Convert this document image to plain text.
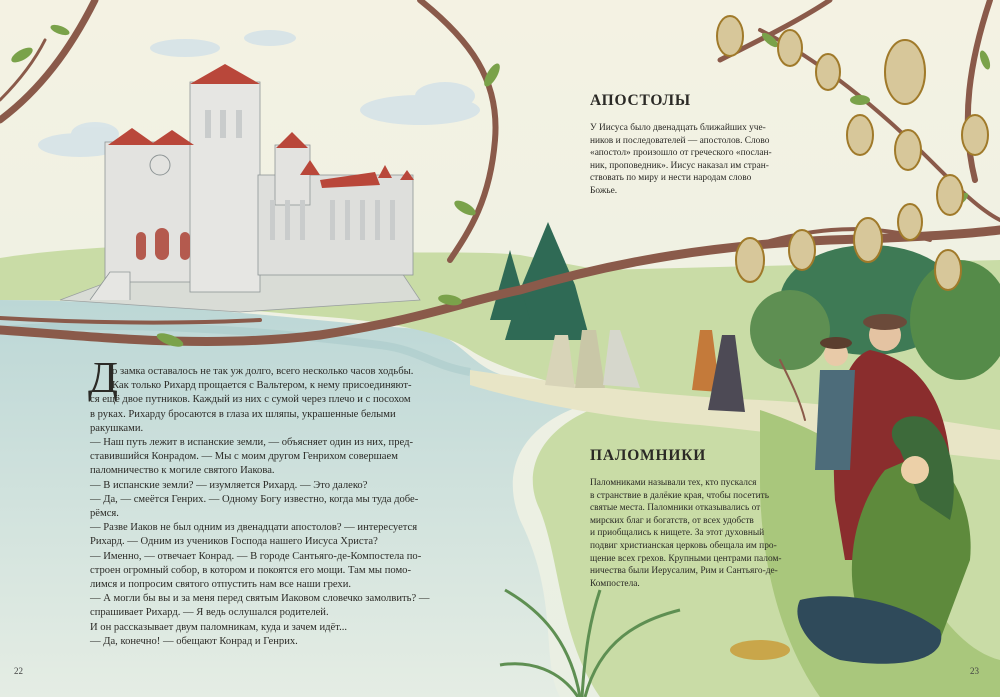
Д

о замка оставалось не так уж долго, всего несколько часов ходьбы.
Как только Рихард прощается с Вальтером, к нему присоединяют-
ся ещё двое путников. Каждый из них с сумой через плечо и с посохом
в руках. Рихарду бросаются в глаза их шляпы, украшенные белыми
ракушками.
— Наш путь лежит в испанские земли, — объясняет один из них, пред-
ставившийся Конрадом. — Мы с моим другом Генрихом совершаем
паломничество к могиле святого Иакова.
— В испанские земли? — изумляется Рихард. — Это далеко?
— Да, — смеётся Генрих. — Одному Богу известно, когда мы туда добе-
рёмся.
— Разве Иаков не был одним из двенадцати апостолов? — интересуется
Рихард. — Одним из учеников Господа нашего Иисуса Христа?
— Именно, — отвечает Конрад. — В городе Сантьяго-де-Компостела по-
строен огромный собор, в котором и покоятся его мощи. Там мы помо-
лимся и попросим святого отпустить нам все наши грехи.
— А могли бы вы и за меня перед святым Иаковом словечко замолвить? —
спрашивает Рихард. — Я ведь ослушался родителей.
И он рассказывает двум паломникам, куда и зачем идёт...
— Да, конечно! — обещают Конрад и Генрих.

АПОСТОЛЫ
У Иисуса было двенадцать ближайших уче-
ников и последователей — апостолов. Слово
«апостол» произошло от греческого «послан-
ник, проповедник». Иисус наказал им стран-
ствовать по миру и нести народам слово
Божье.
ПАЛОМНИКИ
Паломниками называли тех, кто пускался
в странствие в далёкие края, чтобы посетить
святые места. Паломники отказывались от
мирских благ и богатств, от всех удобств
и приобщались к нищете. За этот духовный
подвиг христианская церковь обещала им про-
щение всех грехов. Крупными центрами палом-
ничества были Иерусалим, Рим и Сантьяго-де-
Компостела.
22	23
